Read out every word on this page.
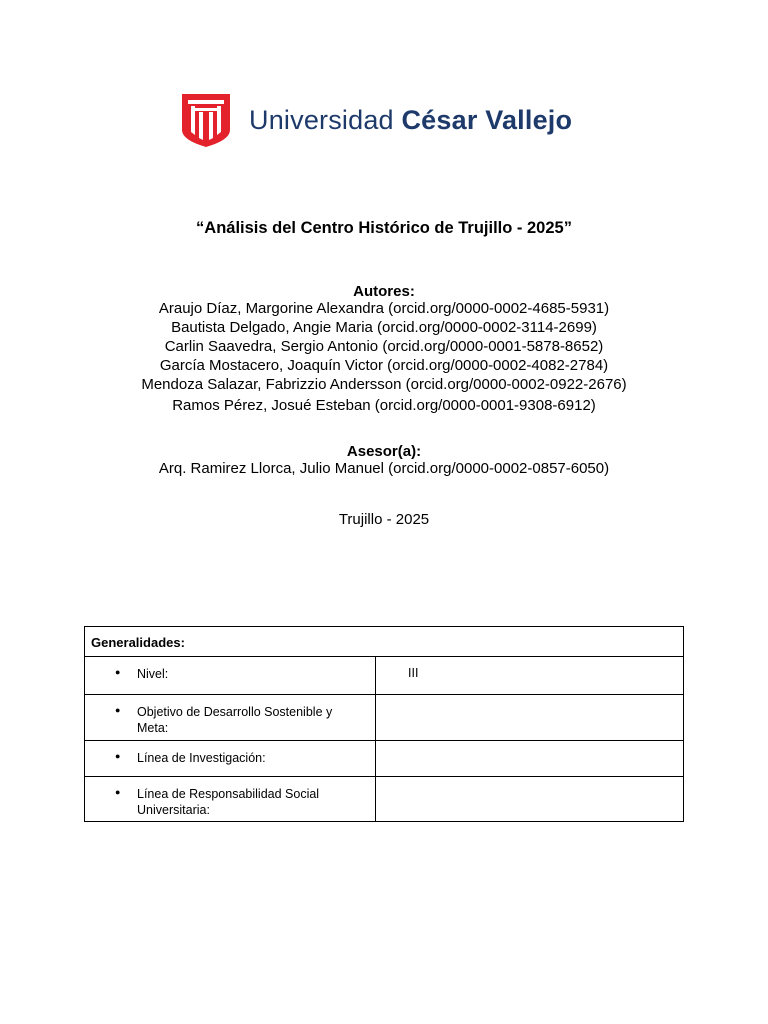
Universidad César Vallejo
“Análisis del Centro Histórico de Trujillo - 2025”
Autores:
Araujo Díaz, Margorine Alexandra (orcid.org/0000-0002-4685-5931)
Bautista Delgado, Angie Maria (orcid.org/0000-0002-3114-2699)
Carlin Saavedra, Sergio Antonio (orcid.org/0000-0001-5878-8652)
García Mostacero, Joaquín Victor (orcid.org/0000-0002-4082-2784)
Mendoza Salazar, Fabrizzio Andersson (orcid.org/0000-0002-0922-2676)
Ramos Pérez, Josué Esteban (orcid.org/0000-0001-9308-6912)
Asesor(a):
Arq. Ramirez Llorca, Julio Manuel (orcid.org/0000-0002-0857-6050)
Trujillo - 2025
Generalidades:	

● Nivel:	III

● Objetivo de Desarrollo Sostenible y Meta:	

● Línea de Investigación:	

● Línea de Responsabilidad Social Universitaria:	
